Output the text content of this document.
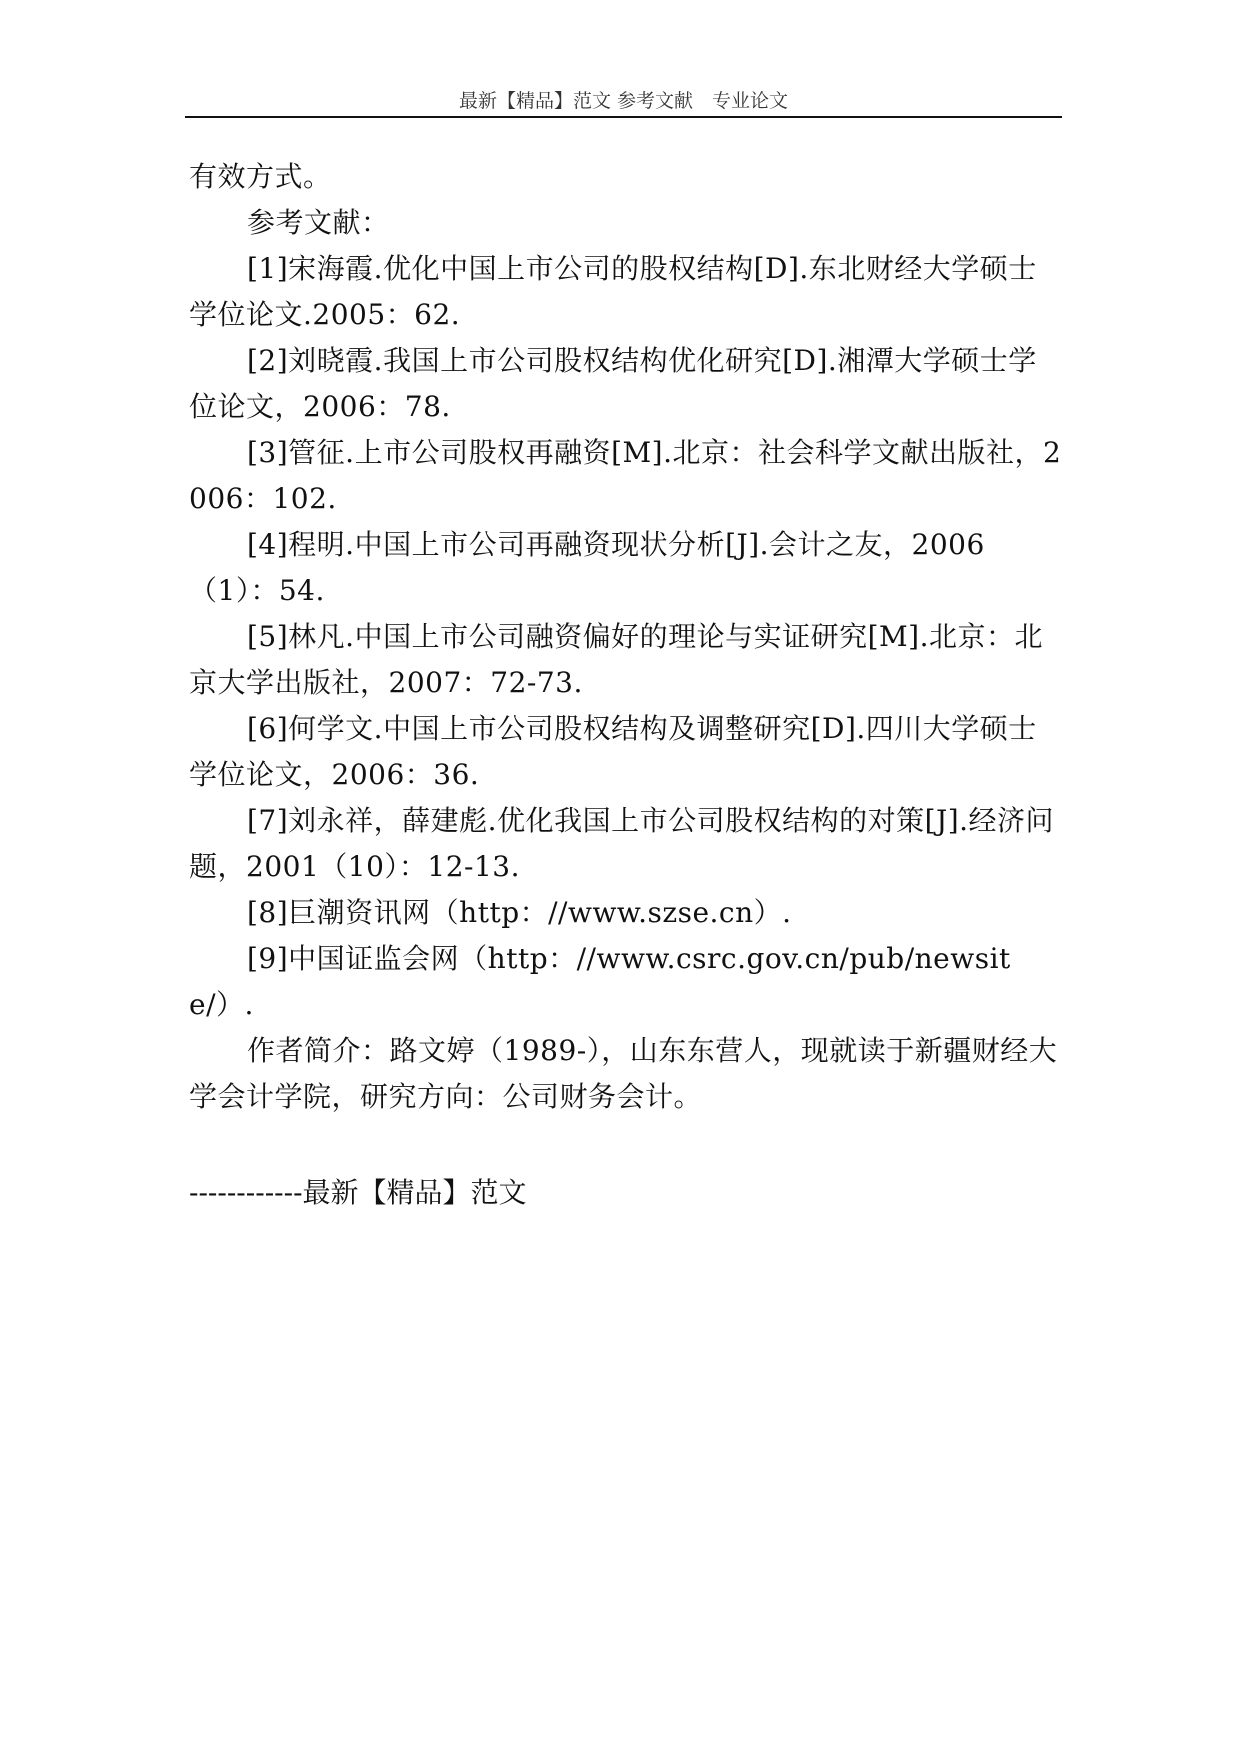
最新【精品】范文 参考文献　专业论文

有效方式。

参考文献：

[1]宋海霞.优化中国上市公司的股权结构[D].东北财经大学硕士学位论文.2005：62.

[2]刘晓霞.我国上市公司股权结构优化研究[D].湘潭大学硕士学位论文，2006：78.

[3]管征.上市公司股权再融资[M].北京：社会科学文献出版社，2006：102.

[4]程明.中国上市公司再融资现状分析[J].会计之友，2006（1）：54.

[5]林凡.中国上市公司融资偏好的理论与实证研究[M].北京：北京大学出版社，2007：72-73.

[6]何学文.中国上市公司股权结构及调整研究[D].四川大学硕士学位论文，2006：36.

[7]刘永祥，薛建彪.优化我国上市公司股权结构的对策[J].经济问题，2001（10）：12-13.

[8]巨潮资讯网（http：//www.szse.cn）.

[9]中国证监会网（http：//www.csrc.gov.cn/pub/newsite/）.

作者简介：路文婷（1989-），山东东营人，现就读于新疆财经大学会计学院，研究方向：公司财务会计。

------------最新【精品】范文
